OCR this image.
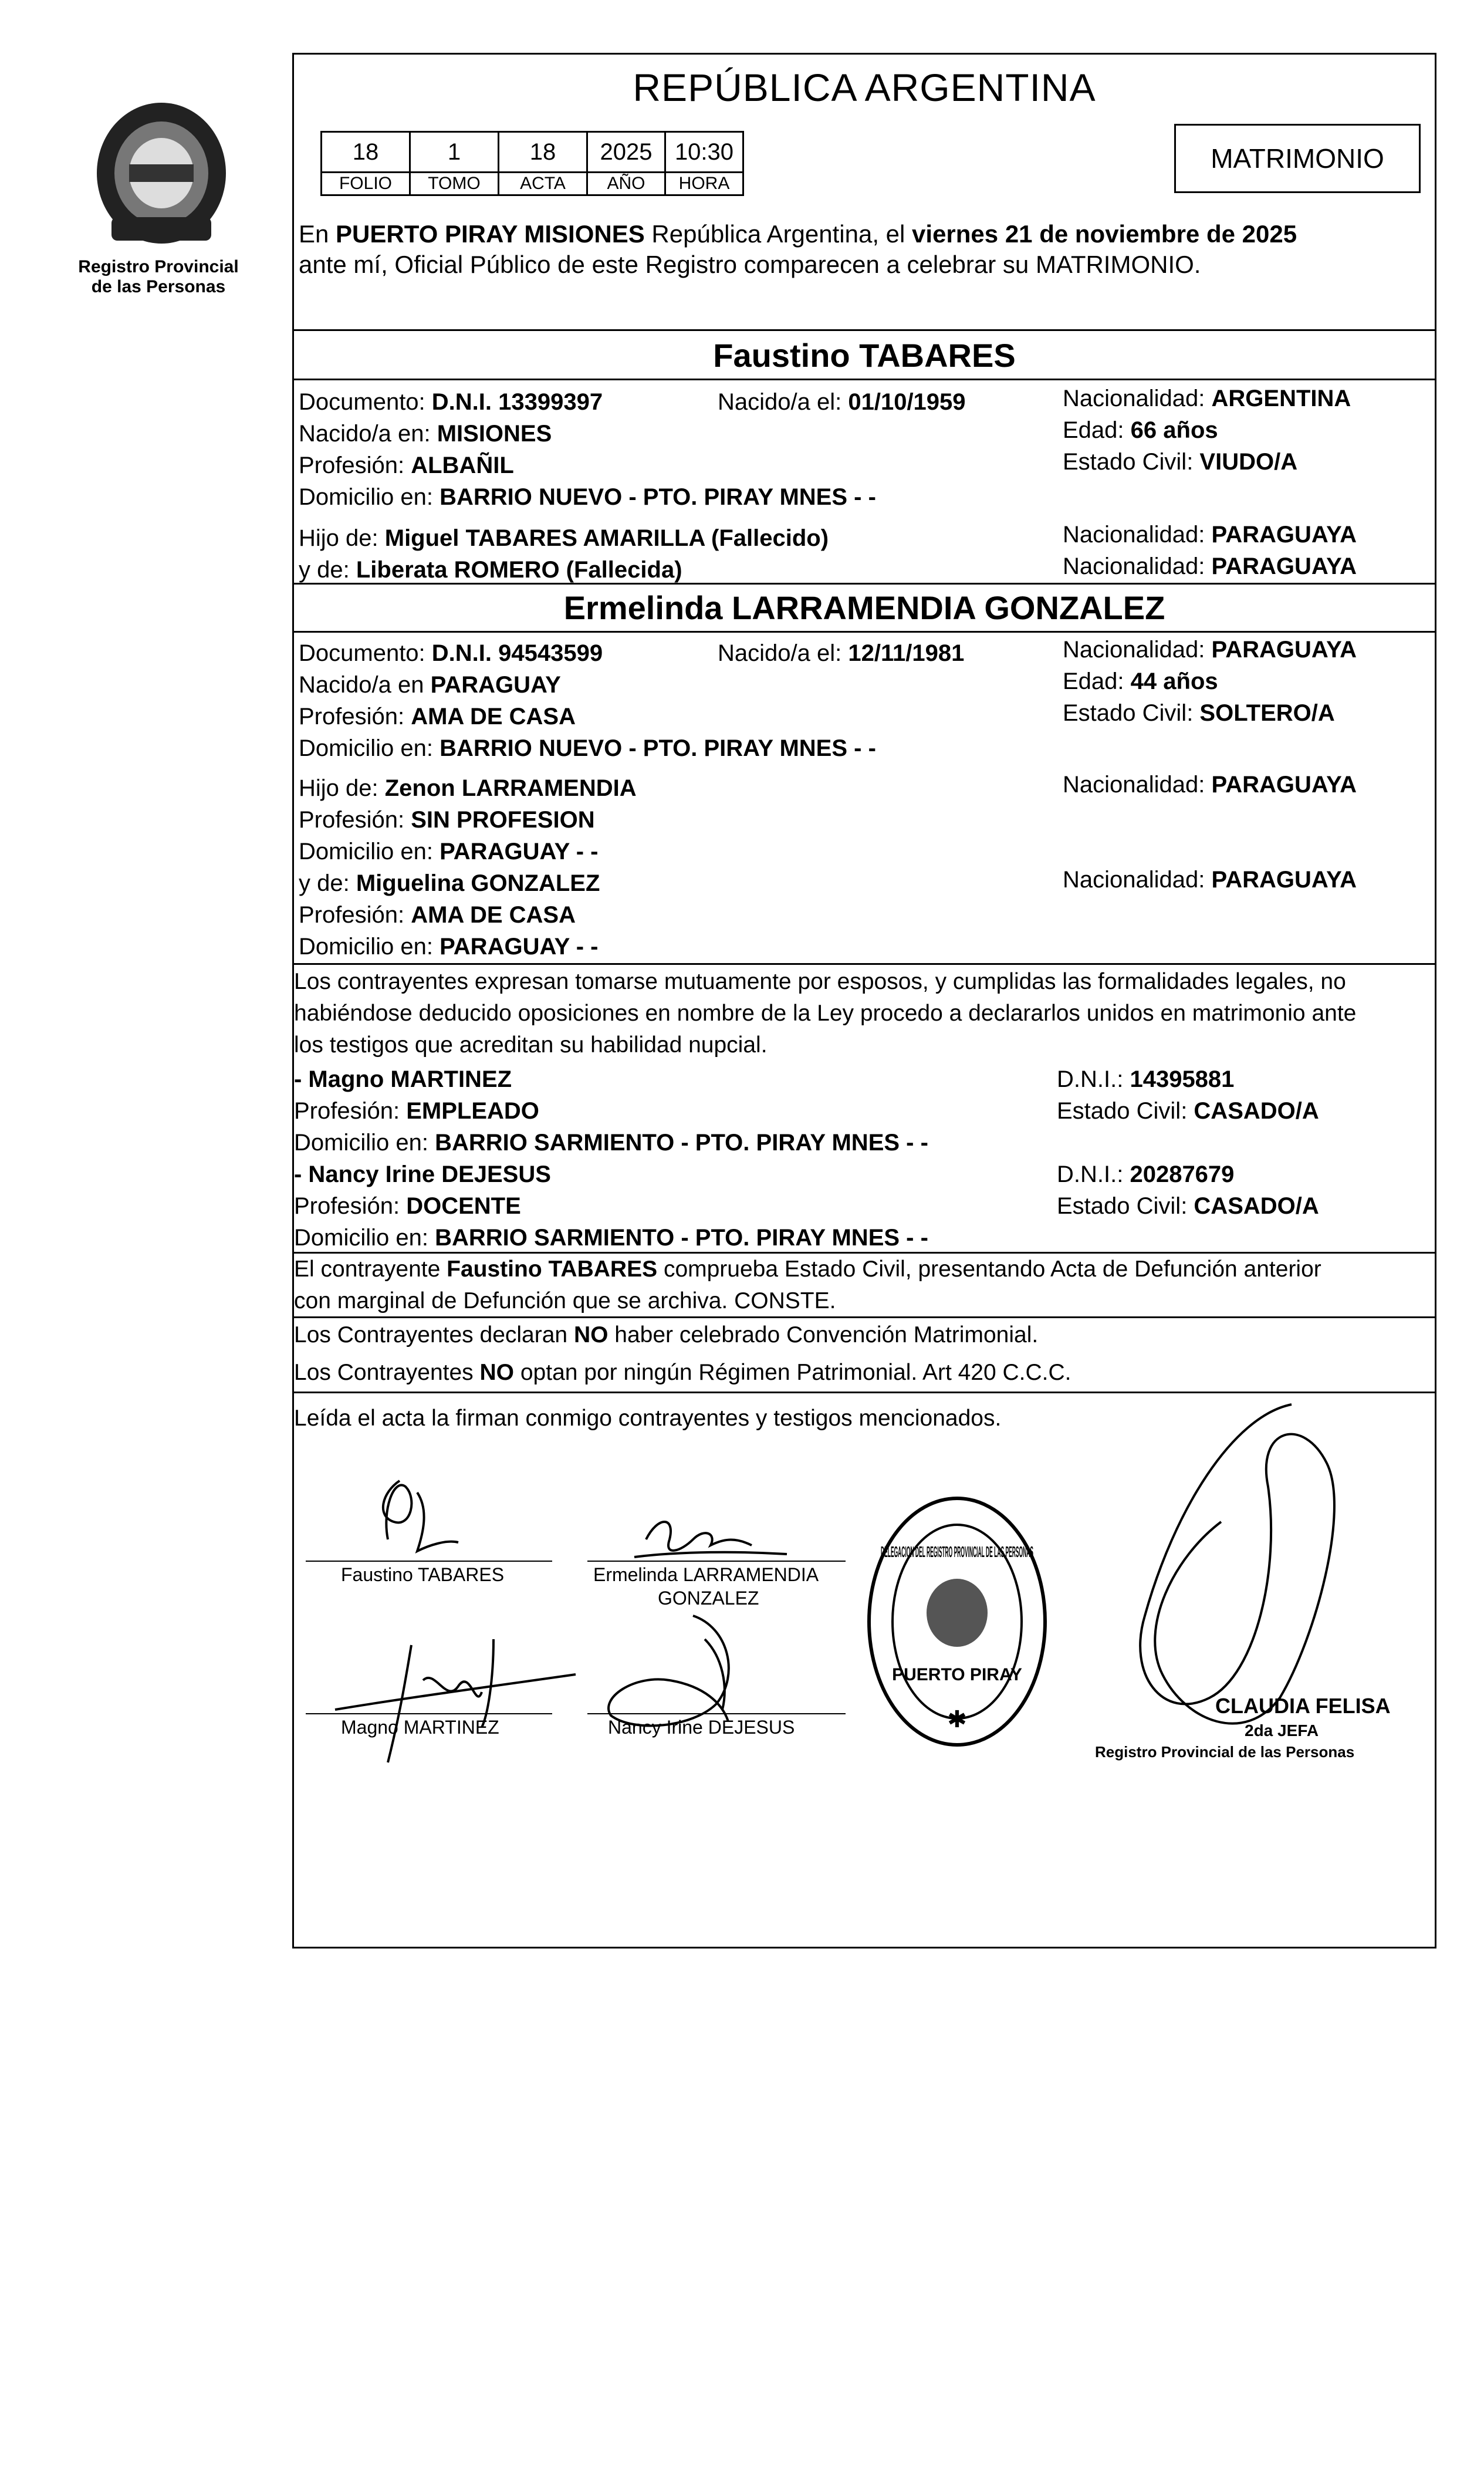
Registro Provincial
de las Personas
REPÚBLICA ARGENTINA
18	1	18	2025	10:30
FOLIO	TOMO	ACTA	AÑO	HORA
MATRIMONIO
En PUERTO PIRAY MISIONES República Argentina, el viernes 21 de noviembre de 2025
ante mí, Oficial Público de este Registro comparecen a celebrar su MATRIMONIO.
Faustino TABARES
Documento: D.N.I. 13399397	Nacido/a el: 01/10/1959	Nacionalidad: ARGENTINA
Nacido/a en: MISIONES	Edad: 66 años
Profesión: ALBAÑIL	Estado Civil: VIUDO/A
Domicilio en: BARRIO NUEVO - PTO. PIRAY MNES - -
Hijo de: Miguel TABARES AMARILLA (Fallecido)	Nacionalidad: PARAGUAYA
y de: Liberata ROMERO (Fallecida)	Nacionalidad: PARAGUAYA
Ermelinda LARRAMENDIA GONZALEZ
Documento: D.N.I. 94543599	Nacido/a el: 12/11/1981	Nacionalidad: PARAGUAYA
Nacido/a en PARAGUAY	Edad: 44 años
Profesión: AMA DE CASA	Estado Civil: SOLTERO/A
Domicilio en: BARRIO NUEVO - PTO. PIRAY MNES - -
Hijo de: Zenon LARRAMENDIA	Nacionalidad: PARAGUAYA
Profesión: SIN PROFESION
Domicilio en: PARAGUAY - -
y de: Miguelina GONZALEZ	Nacionalidad: PARAGUAYA
Profesión: AMA DE CASA
Domicilio en: PARAGUAY - -
Los contrayentes expresan tomarse mutuamente por esposos, y cumplidas las formalidades legales, no
habiéndose deducido oposiciones en nombre de la Ley procedo a declararlos unidos en matrimonio ante
los testigos que acreditan su habilidad nupcial.
- Magno MARTINEZ	D.N.I.: 14395881
Profesión: EMPLEADO	Estado Civil: CASADO/A
Domicilio en: BARRIO SARMIENTO - PTO. PIRAY MNES - -
- Nancy Irine DEJESUS	D.N.I.: 20287679
Profesión: DOCENTE	Estado Civil: CASADO/A
Domicilio en: BARRIO SARMIENTO - PTO. PIRAY MNES - -
El contrayente Faustino TABARES comprueba Estado Civil, presentando Acta de Defunción anterior
con marginal de Defunción que se archiva. CONSTE.
Los Contrayentes declaran NO haber celebrado Convención Matrimonial.
Los Contrayentes NO optan por ningún Régimen Patrimonial. Art 420 C.C.C.
Leída el acta la firman conmigo contrayentes y testigos mencionados.
Faustino TABARES	Ermelinda LARRAMENDIA
GONZALEZ
Magno MARTINEZ	Nancy Irine DEJESUS
DELEGACION DEL REGISTRO PROVINCIAL DE LAS PERSONAS
PUERTO PIRAY
✱
CLAUDIA FELISA
2da JEFA
Registro Provincial de las Personas
